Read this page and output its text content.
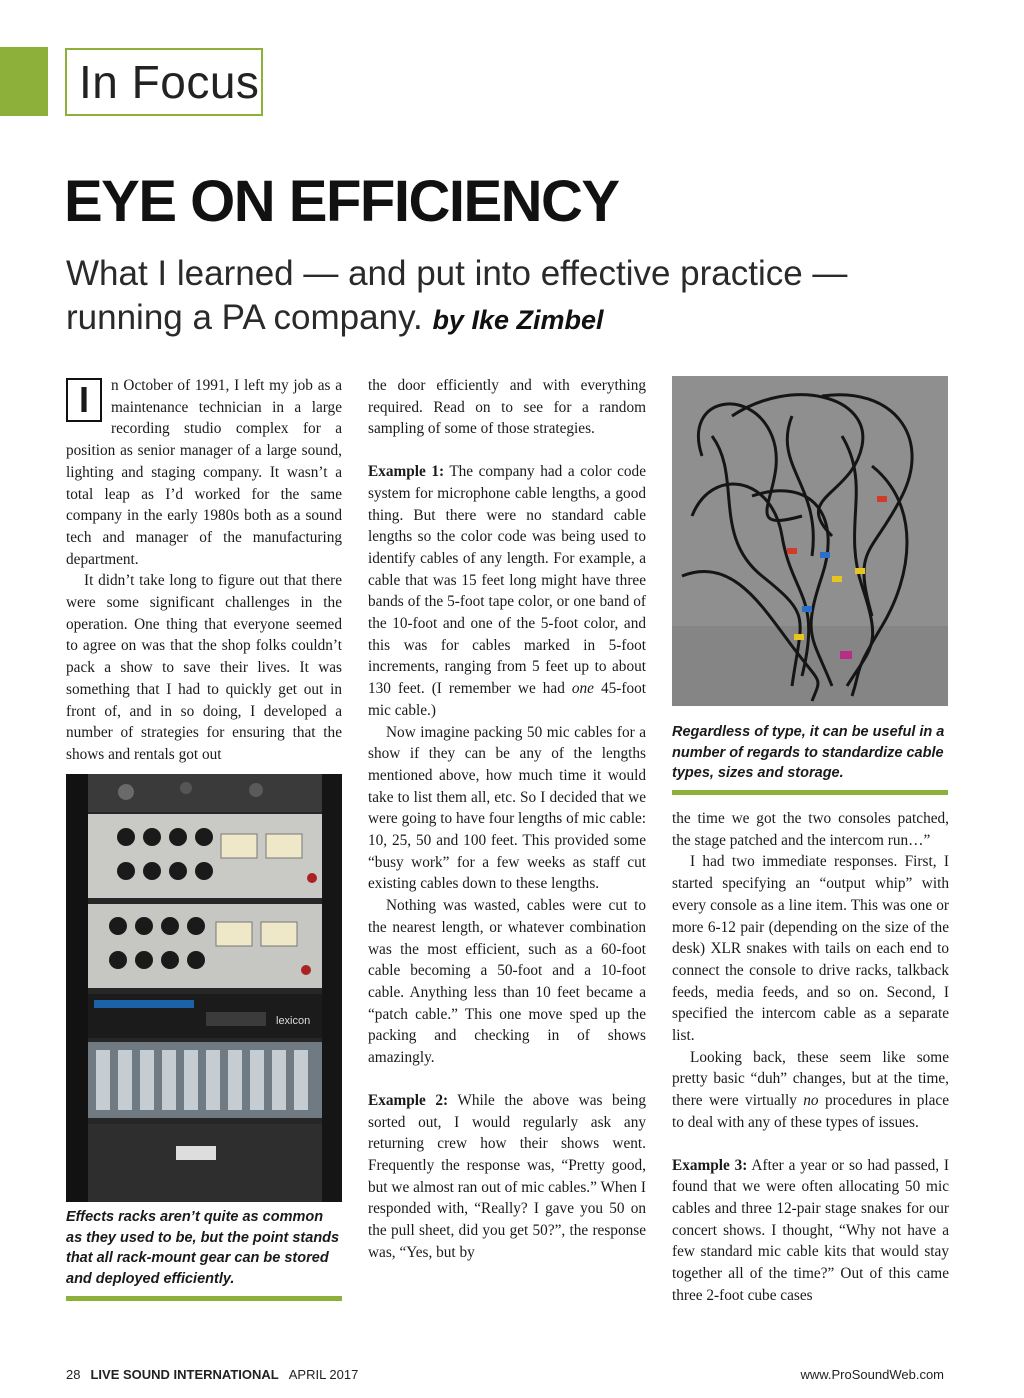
In Focus
EYE ON EFFICIENCY
What I learned — and put into effective practice — running a PA company. by Ike Zimbel

I	n October of 1991, I left my job as a maintenance technician in a large recording studio complex for a position as senior manager of a large sound, lighting and staging company. It wasn’t a total leap as I’d worked for the same company in the early 1980s both as a sound tech and manager of the manufacturing department.

It didn’t take long to figure out that there were some significant challenges in the operation. One thing that everyone seemed to agree on was that the shop folks couldn’t pack a show to save their lives. It was something that I had to quickly get out in front of, and in so doing, I developed a number of strategies for ensuring that the shows and rentals got out

lexicon
Effects racks aren’t quite as common as they used to be, but the point stands that all rack-mount gear can be stored and deployed efficiently.

the door efficiently and with everything required. Read on to see for a random sampling of some of those strategies.

Example 1: The company had a color code system for microphone cable lengths, a good thing. But there were no standard cable lengths so the color code was being used to identify cables of any length. For example, a cable that was 15 feet long might have three bands of the 5-foot tape color, or one band of the 10-foot and one of the 5-foot color, and this was for cables marked in 5-foot increments, ranging from 5 feet up to about 130 feet. (I remember we had one 45-foot mic cable.)

Now imagine packing 50 mic cables for a show if they can be any of the lengths mentioned above, how much time it would take to list them all, etc. So I decided that we were going to have four lengths of mic cable: 10, 25, 50 and 100 feet. This provided some “busy work” for a few weeks as staff cut existing cables down to these lengths.

Nothing was wasted, cables were cut to the nearest length, or whatever combination was the most efficient, such as a 60-foot cable becoming a 50-foot and a 10-foot cable. Anything less than 10 feet became a “patch cable.” This one move sped up the packing and checking in of shows amazingly.

Example 2: While the above was being sorted out, I would regularly ask any returning crew how their shows went. Frequently the response was, “Pretty good, but we almost ran out of mic cables.” When I responded with, “Really? I gave you 50 on the pull sheet, did you get 50?”, the response was, “Yes, but by

Regardless of type, it can be useful in a number of regards to standardize cable types, sizes and storage.

the time we got the two consoles patched, the stage patched and the intercom run…”

I had two immediate responses. First, I started specifying an “output whip” with every console as a line item. This was one or more 6-12 pair (depending on the size of the desk) XLR snakes with tails on each end to connect the console to drive racks, talkback feeds, media feeds, and so on. Second, I specified the intercom cable as a separate list.

Looking back, these seem like some pretty basic “duh” changes, but at the time, there were virtually no procedures in place to deal with any of these types of issues.

Example 3: After a year or so had passed, I found that we were often allocating 50 mic cables and three 12-pair stage snakes for our concert shows. I thought, “Why not have a few standard mic cable kits that would stay together all of the time?” Out of this came three 2-foot cube cases

28 LIVE SOUND INTERNATIONAL APRIL 2017	www.ProSoundWeb.com
